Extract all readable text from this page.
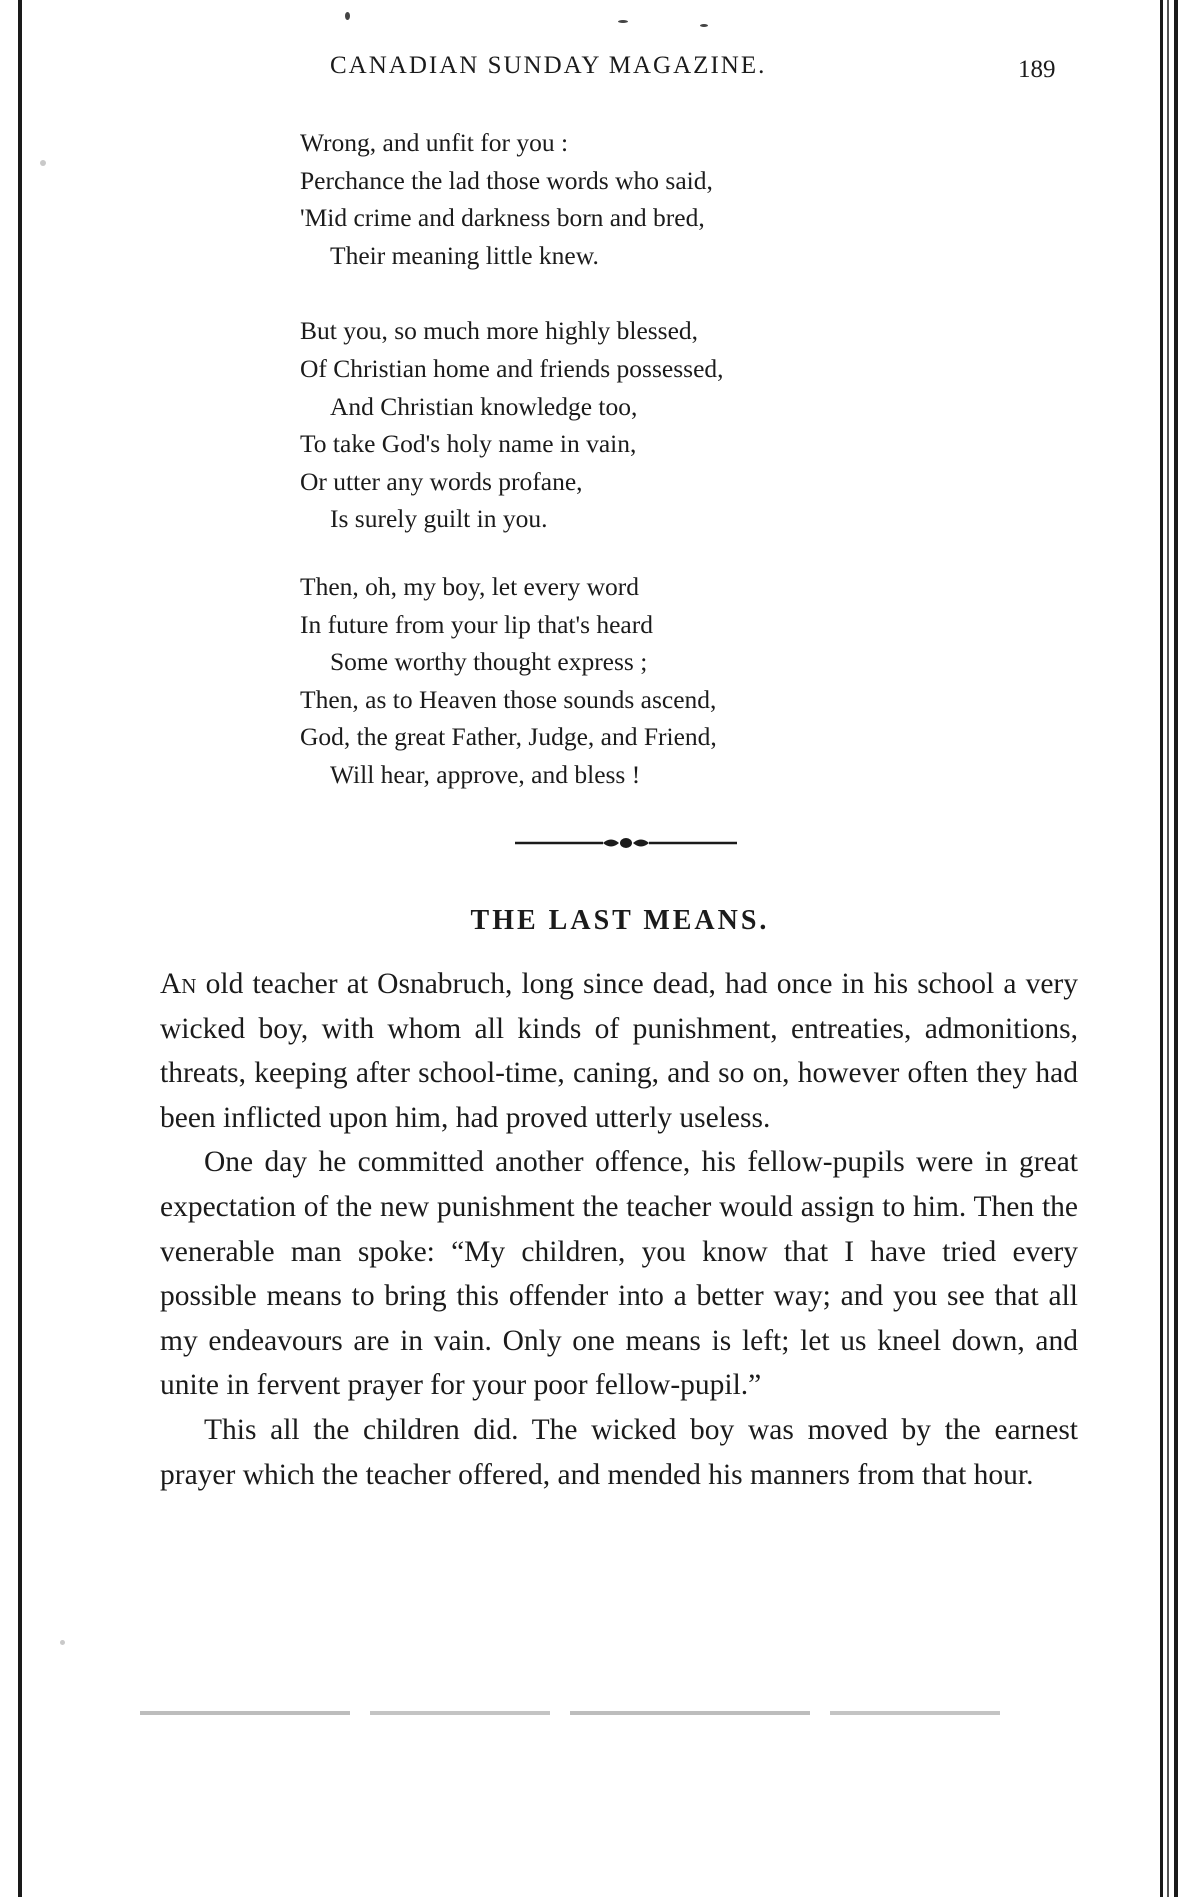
CANADIAN SUNDAY MAGAZINE.	189
Wrong, and unfit for you :
Perchance the lad those words who said,
'Mid crime and darkness born and bred,
Their meaning little knew.
But you, so much more highly blessed,
Of Christian home and friends possessed,
And Christian knowledge too,
To take God's holy name in vain,
Or utter any words profane,
Is surely guilt in you.
Then, oh, my boy, let every word
In future from your lip that's heard
Some worthy thought express ;
Then, as to Heaven those sounds ascend,
God, the great Father, Judge, and Friend,
Will hear, approve, and bless !
THE LAST MEANS.

An old teacher at Osnabruch, long since dead, had once in his school a very wicked boy, with whom all kinds of punishment, entreaties, admonitions, threats, keeping after school-time, caning, and so on, however often they had been inflicted upon him, had proved utterly useless.

One day he committed another offence, his fellow-pupils were in great expectation of the new punishment the teacher would assign to him. Then the venerable man spoke: “My children, you know that I have tried every possible means to bring this offender into a better way; and you see that all my endeavours are in vain. Only one means is left; let us kneel down, and unite in fervent prayer for your poor fellow-pupil.”

This all the children did. The wicked boy was moved by the earnest prayer which the teacher offered, and mended his manners from that hour.
